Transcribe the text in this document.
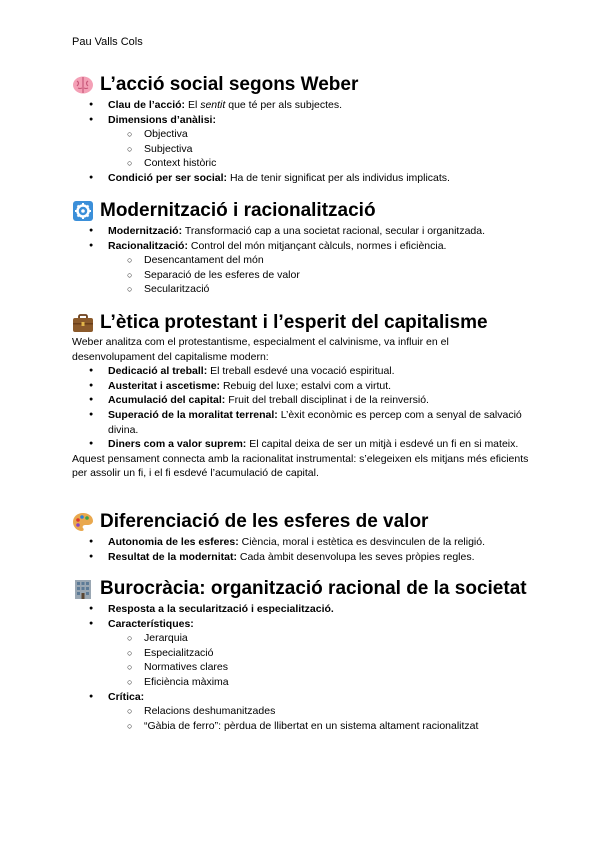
Pau Valls Cols
L’acció social segons Weber
● Clau de l’acció: El sentit que té per als subjectes.
● Dimensions d’anàlisi:
○ Objectiva
○ Subjectiva
○ Context històric
● Condició per ser social: Ha de tenir significat per als individus implicats.
Modernització i racionalització
● Modernització: Transformació cap a una societat racional, secular i organitzada.
● Racionalització: Control del món mitjançant càlculs, normes i eficiència.
○ Desencantament del món
○ Separació de les esferes de valor
○ Secularització
L’ètica protestant i l’esperit del capitalisme
Weber analitza com el protestantisme, especialment el calvinisme, va influir en el desenvolupament del capitalisme modern:
● Dedicació al treball: El treball esdevé una vocació espiritual.
● Austeritat i ascetisme: Rebuig del luxe; estalvi com a virtut.
● Acumulació del capital: Fruit del treball disciplinat i de la reinversió.
● Superació de la moralitat terrenal: L’èxit econòmic es percep com a senyal de salvació divina.
● Diners com a valor suprem: El capital deixa de ser un mitjà i esdevé un fi en si mateix.
Aquest pensament connecta amb la racionalitat instrumental: s’elegeixen els mitjans més eficients per assolir un fi, i el fi esdevé l’acumulació de capital.
Diferenciació de les esferes de valor
● Autonomia de les esferes: Ciència, moral i estètica es desvinculen de la religió.
● Resultat de la modernitat: Cada àmbit desenvolupa les seves pròpies regles.
Burocràcia: organització racional de la societat
● Resposta a la secularització i especialització.
● Característiques:
○ Jerarquia
○ Especialització
○ Normatives clares
○ Eficiència màxima
● Crítica:
○ Relacions deshumanitzades
○ “Gàbia de ferro”: pèrdua de llibertat en un sistema altament racionalitzat
